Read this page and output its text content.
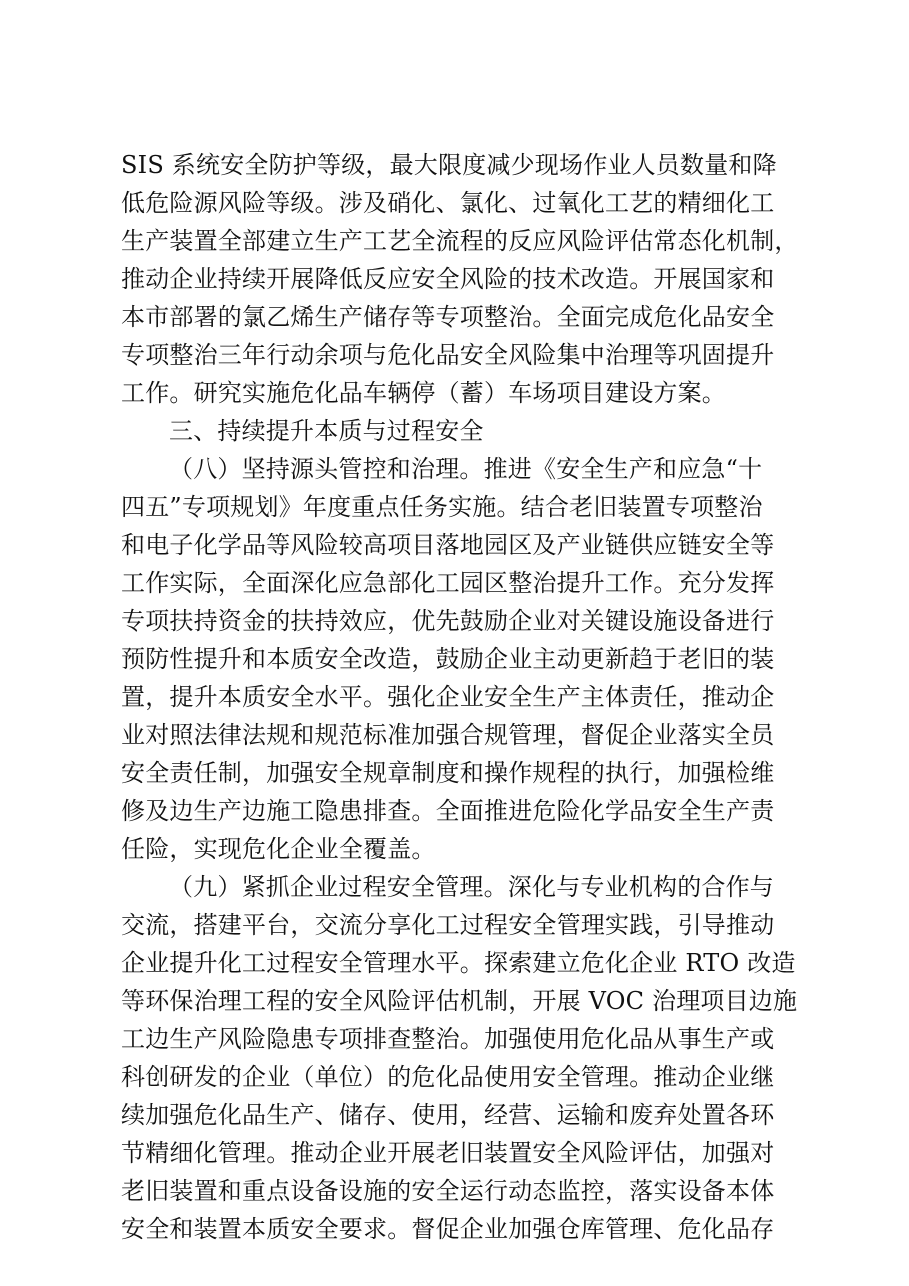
SIS 系统安全防护等级，最大限度减少现场作业人员数量和降
低危险源风险等级。涉及硝化、氯化、过氧化工艺的精细化工
生产装置全部建立生产工艺全流程的反应风险评估常态化机制，
推动企业持续开展降低反应安全风险的技术改造。开展国家和
本市部署的氯乙烯生产储存等专项整治。全面完成危化品安全
专项整治三年行动余项与危化品安全风险集中治理等巩固提升
工作。研究实施危化品车辆停（蓄）车场项目建设方案。
三、持续提升本质与过程安全
（八）坚持源头管控和治理。推进《安全生产和应急“十
四五”专项规划》年度重点任务实施。结合老旧装置专项整治
和电子化学品等风险较高项目落地园区及产业链供应链安全等
工作实际，全面深化应急部化工园区整治提升工作。充分发挥
专项扶持资金的扶持效应，优先鼓励企业对关键设施设备进行
预防性提升和本质安全改造，鼓励企业主动更新趋于老旧的装
置，提升本质安全水平。强化企业安全生产主体责任，推动企
业对照法律法规和规范标准加强合规管理，督促企业落实全员
安全责任制，加强安全规章制度和操作规程的执行，加强检维
修及边生产边施工隐患排查。全面推进危险化学品安全生产责
任险，实现危化企业全覆盖。
（九）紧抓企业过程安全管理。深化与专业机构的合作与
交流，搭建平台，交流分享化工过程安全管理实践，引导推动
企业提升化工过程安全管理水平。探索建立危化企业 RTO 改造
等环保治理工程的安全风险评估机制，开展 VOC 治理项目边施
工边生产风险隐患专项排查整治。加强使用危化品从事生产或
科创研发的企业（单位）的危化品使用安全管理。推动企业继
续加强危化品生产、储存、使用，经营、运输和废弃处置各环
节精细化管理。推动企业开展老旧装置安全风险评估，加强对
老旧装置和重点设备设施的安全运行动态监控，落实设备本体
安全和装置本质安全要求。督促企业加强仓库管理、危化品存
